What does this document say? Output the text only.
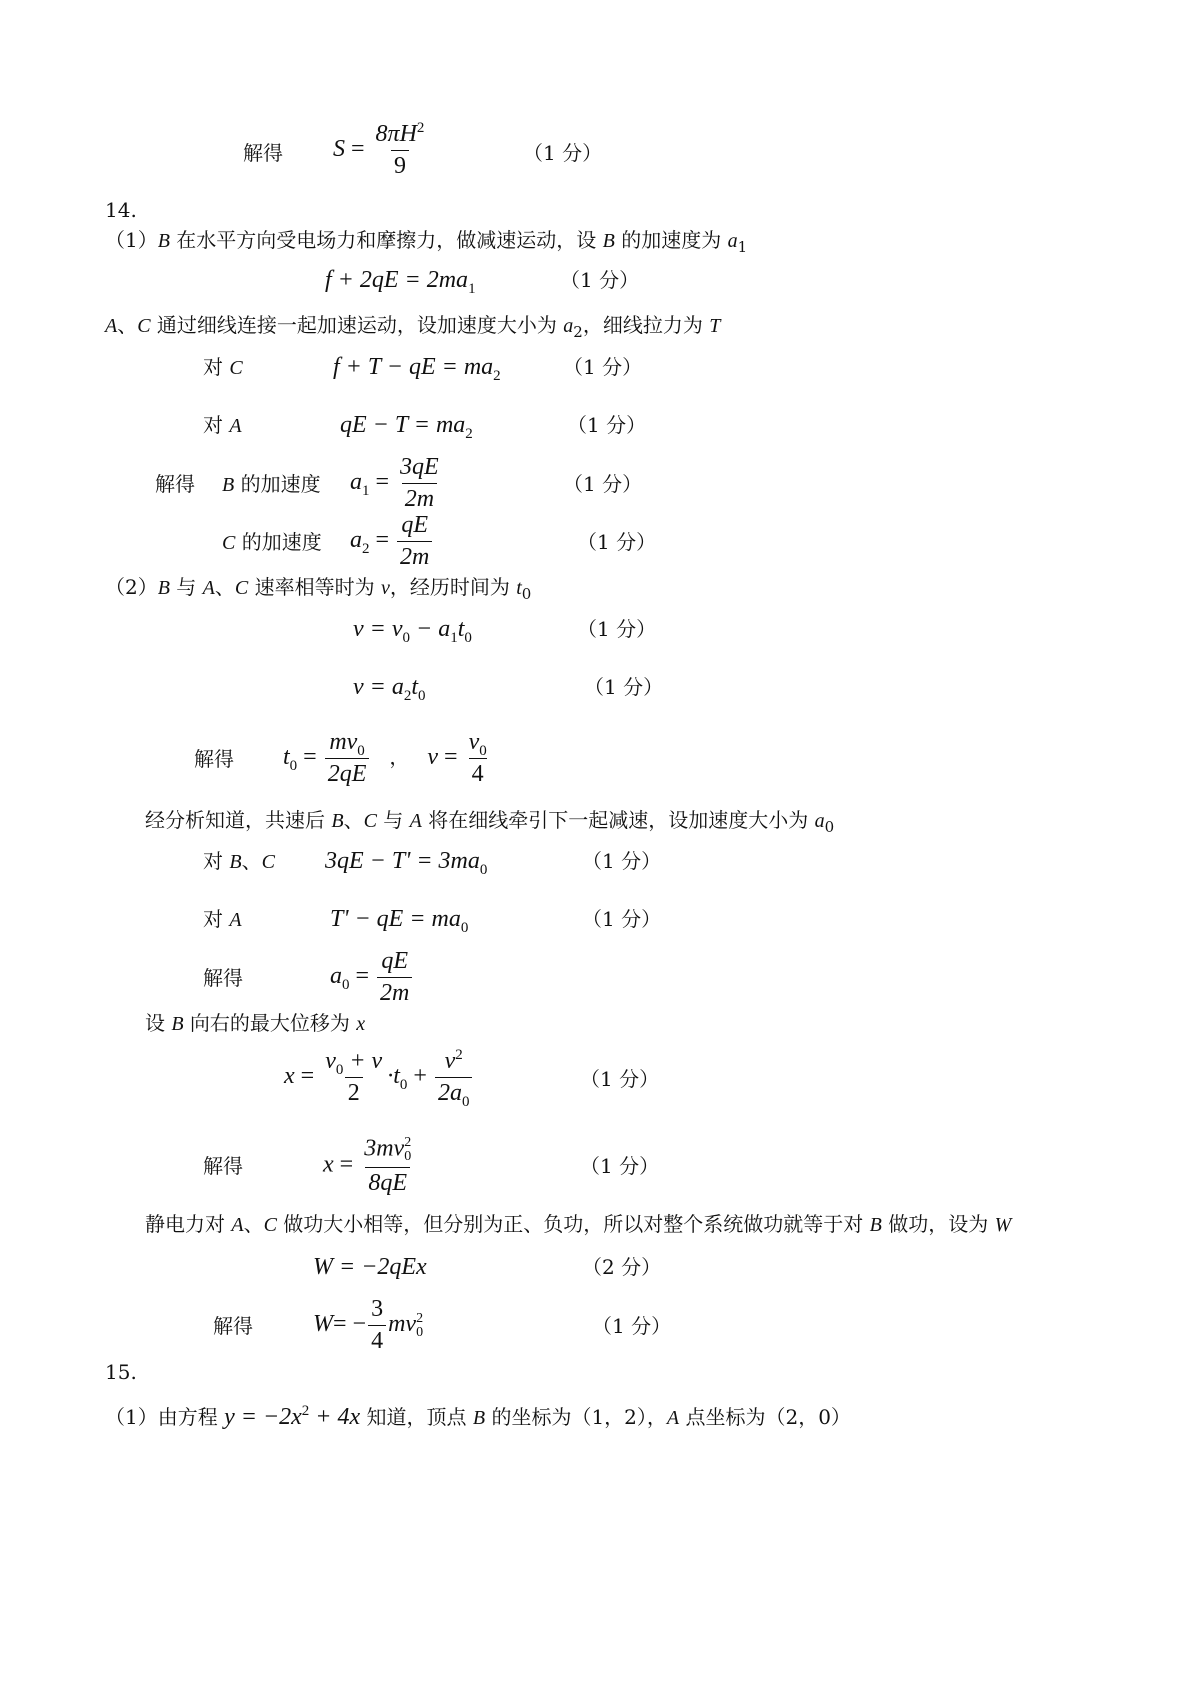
解得 $S = \frac{8\pi H^2}{9}$	（1 分）
14.
（1）B 在水平方向受电场力和摩擦力，做减速运动，设 B 的加速度为 $a_1$
$f + 2qE = 2ma_1$	（1 分）
A、C 通过细线连接一起加速运动，设加速度大小为 $a_2$，细线拉力为 T
对 C	f + T − qE = $ma_2$	（1 分）
对 A	qE − $T = ma_2$	（1 分）
解得 B 的加速度 $a_1 = \frac{3qE}{2m}$	（1 分）
C 的加速度 $a_2 = \frac{qE}{2m}$	（1 分）
（2）B 与 A、C 速率相等时为 v，经历时间为 $t_0$
$v = v_0 - a_1t_0$	（1 分）
$v = a_2t_0$	（1 分）
解得 $t_0 = \frac{mv_0}{2qE}$ ， $v = \frac{v_0}{4}$
经分析知道，共速后 B、C 与 A 将在细线牵引下一起减速，设加速度大小为 $a_0$
对 B、C $3qE - T' = 3ma_0$	（1 分）
对 A	T' − qE = $ma_0$	（1 分）
解得	$a_0 = \frac{qE}{2m}$
设 B 向右的最大位移为 x
$x = \frac{v_0 + v}{2} \cdot t_0 + \frac{v^2}{2a_0}$	（1 分）
解得	x = 3mv 2
0
8qE	（1 分）
静电力对 A、C 做功大小相等，但分别为正、负功，所以对整个系统做功就等于对 B 做功，设为 W
W = −2qEx	（2 分）
解得	$W= - \frac{3}{4}$ mv 2
0	（1 分）
15.
（1）由方程 $y = -2x^2 + 4x$ 知道，顶点 B 的坐标为（1，2），A 点坐标为（2，0）
